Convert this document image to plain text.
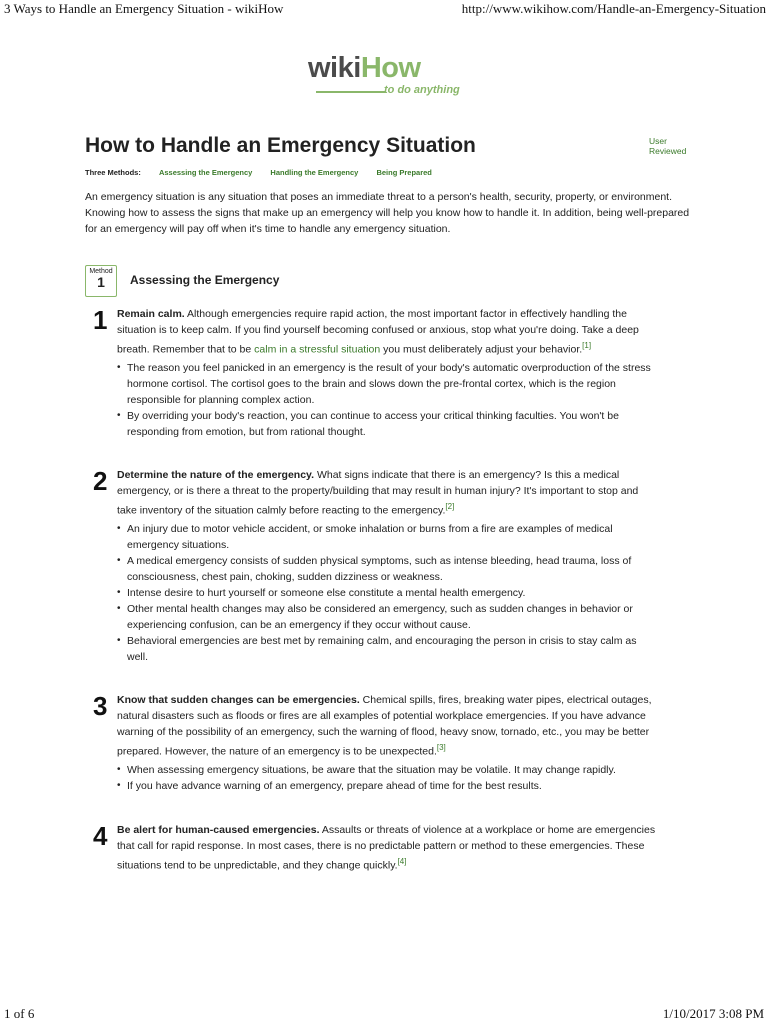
3 Ways to Handle an Emergency Situation - wikiHow	http://www.wikihow.com/Handle-an-Emergency-Situation
wikiHow
to do anything
How to Handle an Emergency Situation	User
Reviewed
Three Methods: Assessing the Emergency Handling the Emergency Being Prepared
An emergency situation is any situation that poses an immediate threat to a person's health, security, property, or environment. Knowing how to assess the signs that make up an emergency will help you know how to handle it. In addition, being well-prepared for an emergency will pay off when it's time to handle any emergency situation.
Method
1	Assessing the Emergency
1 Remain calm. Although emergencies require rapid action, the most important factor in effectively handling the situation is to keep calm. If you find yourself becoming confused or anxious, stop what you're doing. Take a deep breath. Remember that to be calm in a stressful situation you must deliberately adjust your behavior.[1]
• The reason you feel panicked in an emergency is the result of your body's automatic overproduction of the stress hormone cortisol. The cortisol goes to the brain and slows down the pre-frontal cortex, which is the region responsible for planning complex action.
• By overriding your body's reaction, you can continue to access your critical thinking faculties. You won't be responding from emotion, but from rational thought.
2 Determine the nature of the emergency. What signs indicate that there is an emergency? Is this a medical emergency, or is there a threat to the property/building that may result in human injury? It's important to stop and take inventory of the situation calmly before reacting to the emergency.[2]
• An injury due to motor vehicle accident, or smoke inhalation or burns from a fire are examples of medical emergency situations.
• A medical emergency consists of sudden physical symptoms, such as intense bleeding, head trauma, loss of consciousness, chest pain, choking, sudden dizziness or weakness.
• Intense desire to hurt yourself or someone else constitute a mental health emergency.
• Other mental health changes may also be considered an emergency, such as sudden changes in behavior or experiencing confusion, can be an emergency if they occur without cause.
• Behavioral emergencies are best met by remaining calm, and encouraging the person in crisis to stay calm as well.
3 Know that sudden changes can be emergencies. Chemical spills, fires, breaking water pipes, electrical outages, natural disasters such as floods or fires are all examples of potential workplace emergencies. If you have advance warning of the possibility of an emergency, such the warning of flood, heavy snow, tornado, etc., you may be better prepared. However, the nature of an emergency is to be unexpected.[3]
• When assessing emergency situations, be aware that the situation may be volatile. It may change rapidly.
• If you have advance warning of an emergency, prepare ahead of time for the best results.
4 Be alert for human-caused emergencies. Assaults or threats of violence at a workplace or home are emergencies that call for rapid response. In most cases, there is no predictable pattern or method to these emergencies. These situations tend to be unpredictable, and they change quickly.[4]
1 of 6	1/10/2017 3:08 PM
